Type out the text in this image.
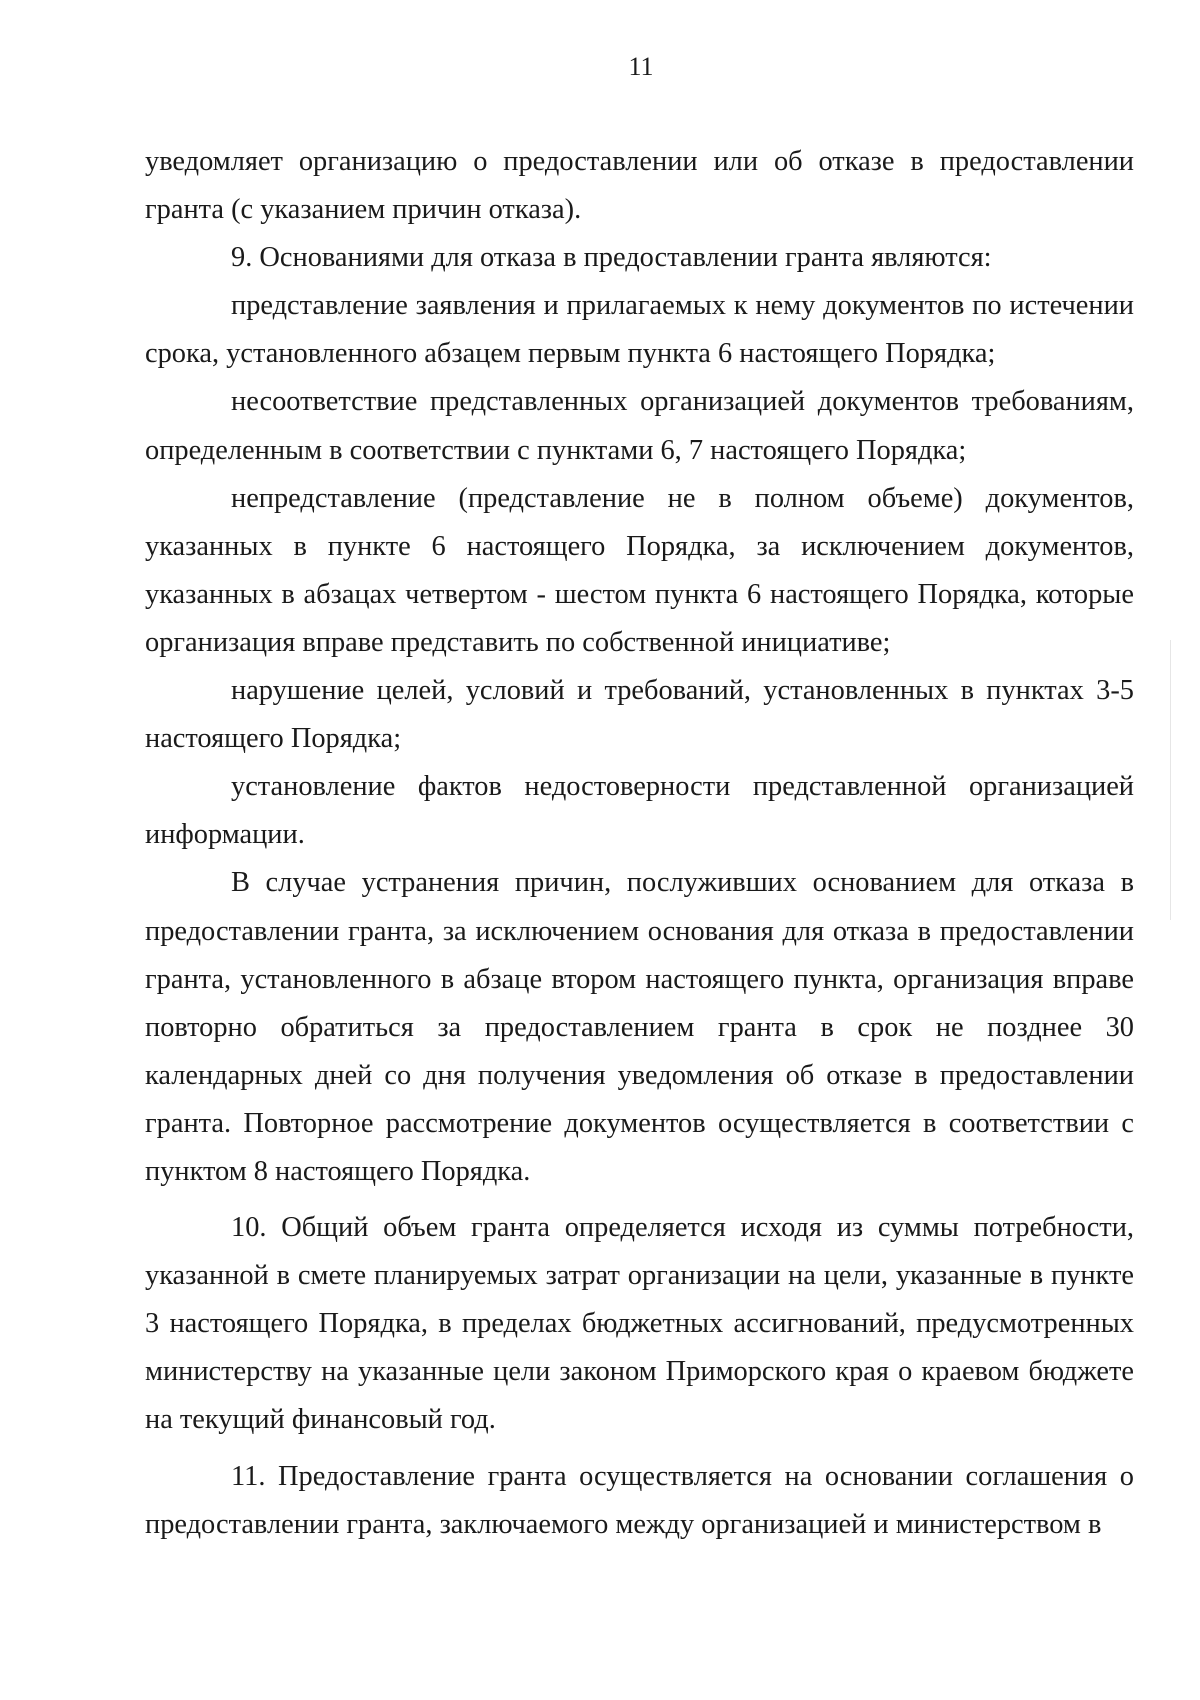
11

уведомляет организацию о предоставлении или об отказе в предоставлении гранта (с указанием причин отказа).

9. Основаниями для отказа в предоставлении гранта являются:

представление заявления и прилагаемых к нему документов по истечении срока, установленного абзацем первым пункта 6 настоящего Порядка;

несоответствие представленных организацией документов требованиям, определенным в соответствии с пунктами 6, 7 настоящего Порядка;

непредставление (представление не в полном объеме) документов, указанных в пункте 6 настоящего Порядка, за исключением документов, указанных в абзацах четвертом - шестом пункта 6 настоящего Порядка, которые организация вправе представить по собственной инициативе;

нарушение целей, условий и требований, установленных в пунктах 3-5 настоящего Порядка;

установление фактов недостоверности представленной организацией информации.

В случае устранения причин, послуживших основанием для отказа в предоставлении гранта, за исключением основания для отказа в предоставлении гранта, установленного в абзаце втором настоящего пункта, организация вправе повторно обратиться за предоставлением гранта в срок не позднее 30 календарных дней со дня получения уведомления об отказе в предоставлении гранта. Повторное рассмотрение документов осуществляется в соответствии с пунктом 8 настоящего Порядка.

10. Общий объем гранта определяется исходя из суммы потребности, указанной в смете планируемых затрат организации на цели, указанные в пункте 3 настоящего Порядка, в пределах бюджетных ассигнований, предусмотренных министерству на указанные цели законом Приморского края о краевом бюджете на текущий финансовый год.

11. Предоставление гранта осуществляется на основании соглашения о предоставлении гранта, заключаемого между организацией и министерством в
